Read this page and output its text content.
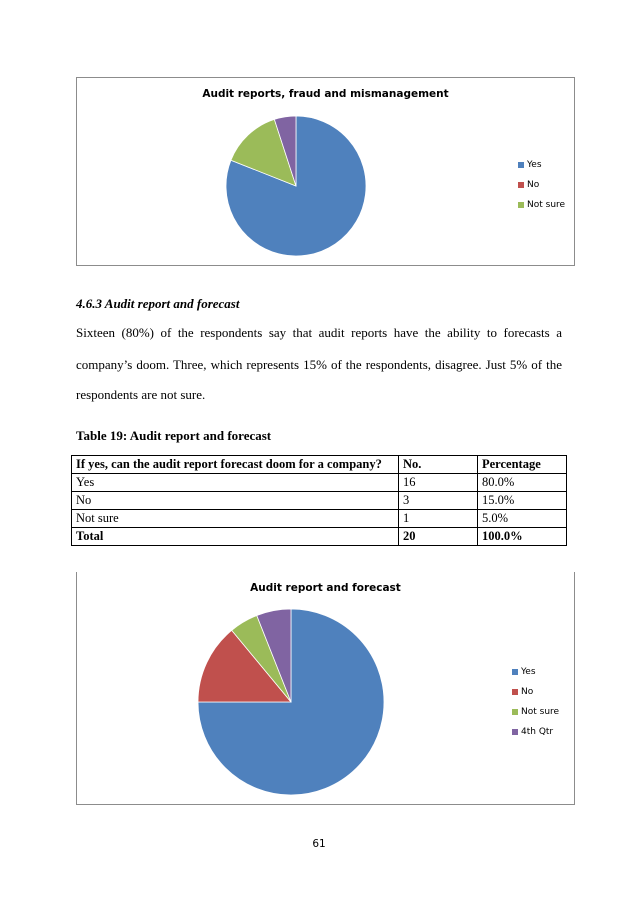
Audit reports, fraud and mismanagement
Yes
No
Not sure
4.6.3 Audit report and forecast
Sixteen (80%) of the respondents say that audit reports have the ability to forecasts a
company’s doom. Three, which represents 15% of the respondents, disagree. Just 5% of the
respondents are not sure.
Table 19: Audit report and forecast
If yes, can the audit report forecast doom for a company?	No.	Percentage
Yes	16	80.0%
No	3	15.0%
Not sure	1	5.0%
Total	20	100.0%
Audit report and forecast
Yes
No
Not sure
4th Qtr
61
